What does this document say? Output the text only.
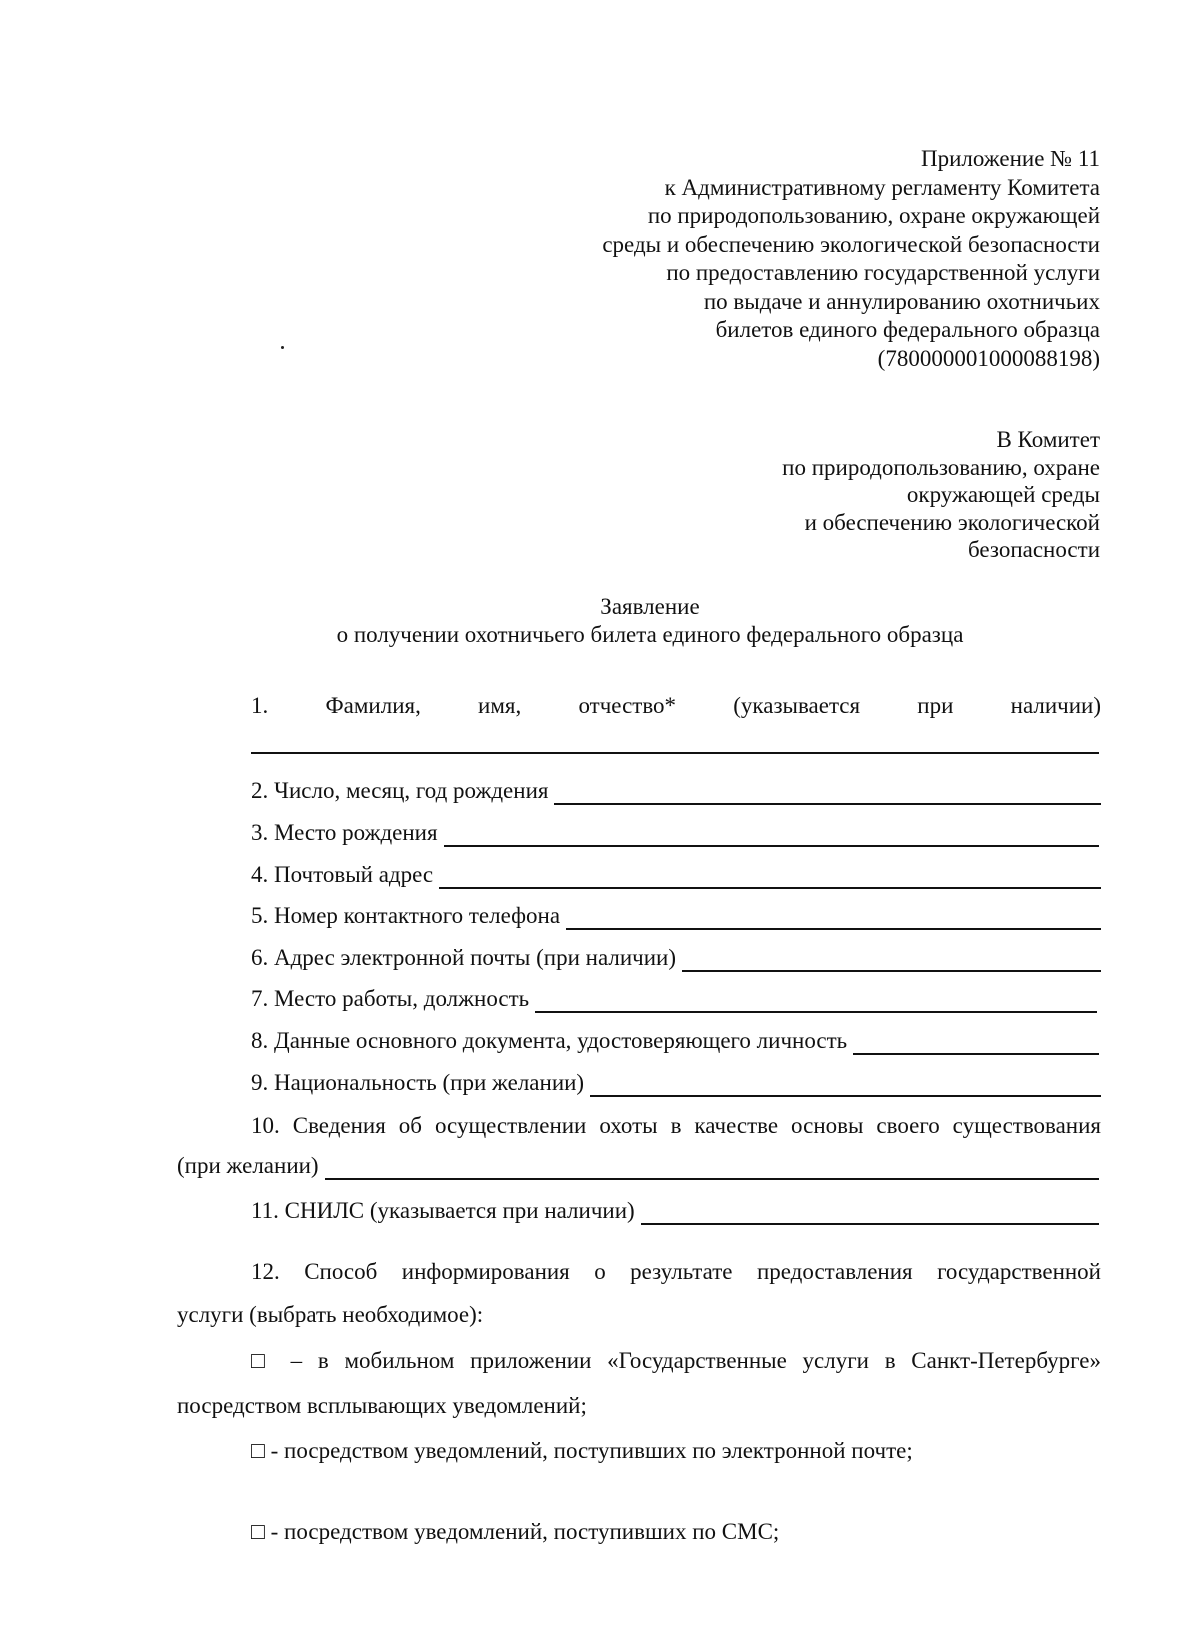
Приложение № 11
к Административному регламенту Комитета
по природопользованию, охране окружающей
среды и обеспечению экологической безопасности
по предоставлению государственной услуги
по выдаче и аннулированию охотничьих
билетов единого федерального образца
(780000001000088198)
В Комитет
по природопользованию, охране
окружающей среды
и обеспечению экологической
безопасности
Заявление
о получении охотничьего билета единого федерального образца
1. Фамилия, имя, отчество* (указывается при наличии)
2. Число, месяц, год рождения
3. Место рождения
4. Почтовый адрес
5. Номер контактного телефона
6. Адрес электронной почты (при наличии)
7. Место работы, должность
8. Данные основного документа, удостоверяющего личность
9. Национальность (при желании)
10. Сведения об осуществлении охоты в качестве основы своего существования
(при желании)
11. СНИЛС (указывается при наличии)
12. Способ информирования о результате предоставления государственной
услуги (выбрать необходимое):
□ – в мобильном приложении «Государственные услуги в Санкт-Петербурге»
посредством всплывающих уведомлений;
□ - посредством уведомлений, поступивших по электронной почте;
□ - посредством уведомлений, поступивших по СМС;
